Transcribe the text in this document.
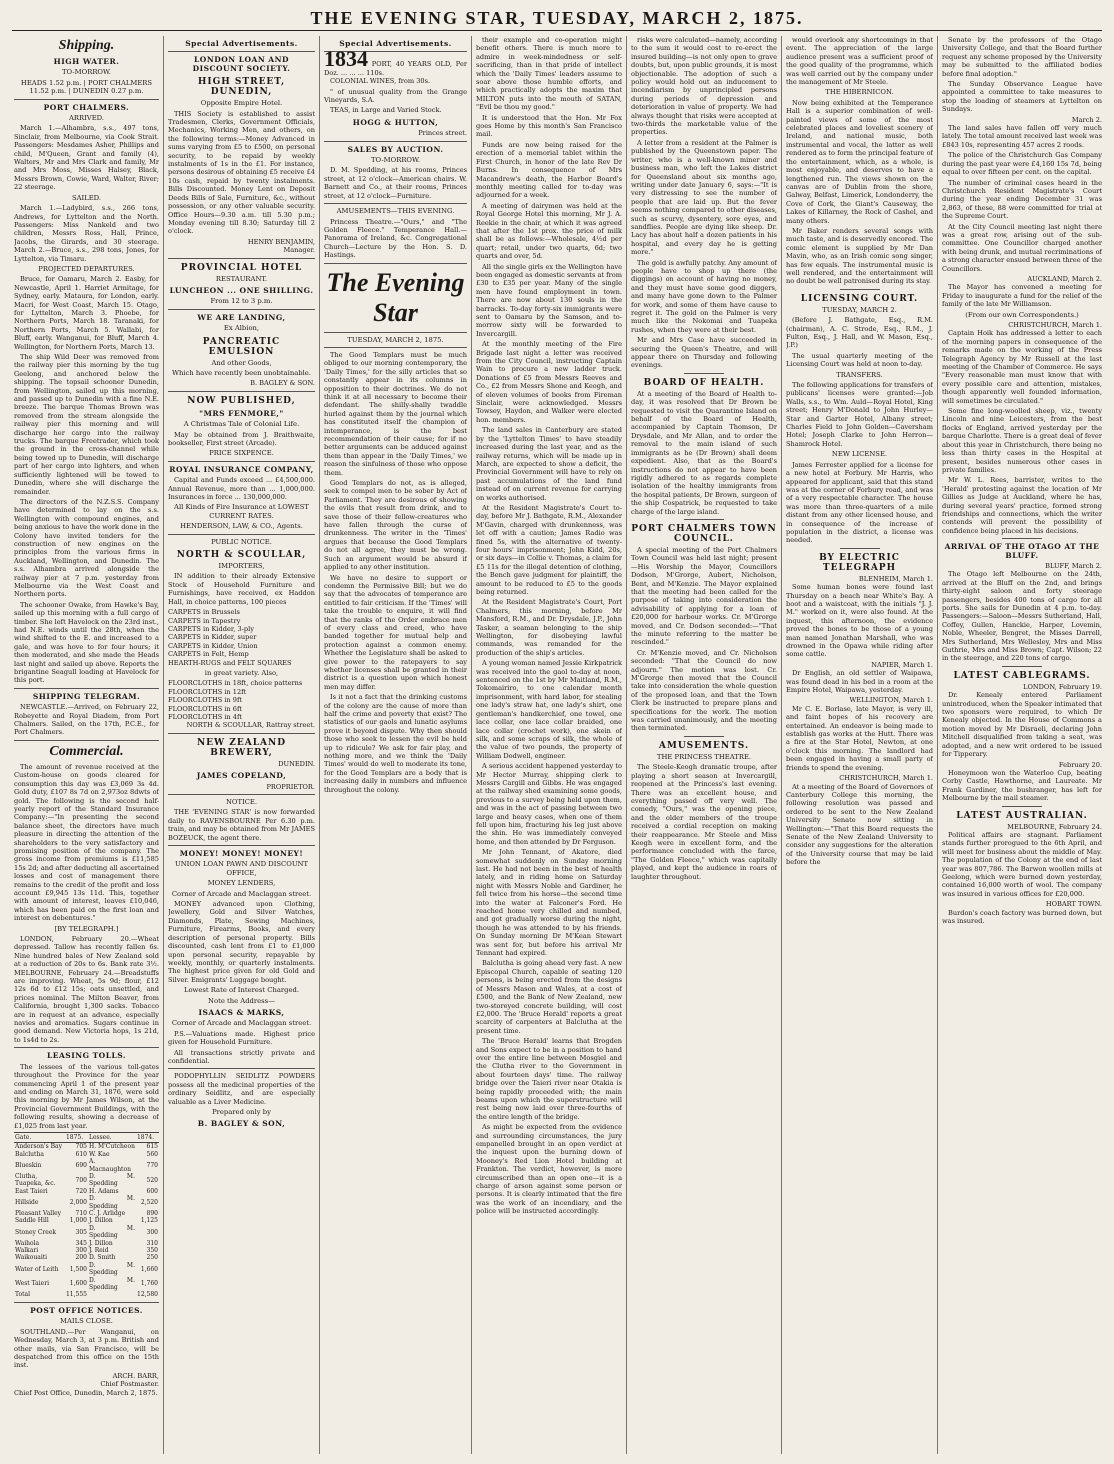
THE EVENING STAR, TUESDAY, MARCH 2, 1875.
Shipping.
HIGH WATER.
TO-MORROW.
HEADS 1.52 p.m. | PORT CHALMERS 11.52 p.m. | DUNEDIN 0.27 p.m.
PORT CHALMERS.
ARRIVED.

March 1.—Alhambra, s.s., 497 tons, Sinclair, from Melbourne, via Cook Strait. Passengers: Mesdames Asher, Phillips and child, M'Queen, Grant and family (4), Walters, Mr and Mrs Clark and family, Mr and Mrs Moss, Misses Halsey, Black, Messrs Brown, Cowie, Ward, Walter, River; 22 steerage.

SAILED.

March 1.—Ladybird, s.s., 266 tons, Andrews, for Lyttelton and the North. Passengers: Miss Nankeld and two children, Messrs Ross, Hall, Prince, Jacobs, the Girards, and 30 steerage. March 2.—Bruce, s.s., 298 tons, Jones, for Lyttelton, via Timaru.

PROJECTED DEPARTURES.

Bruce, for Oamaru, March 2. Easby, for Newcastle, April 1. Harriet Armitage, for Sydney, early. Mataura, for London, early. Macri, for West Coast, March 15. Otago, for Lyttelton, March 3. Phoebe, for Northern Ports, March 18. Taranaki, for Northern Ports, March 5. Wallabi, for Bluff, early. Wanganui, for Bluff, March 4. Wellington, for Northern Ports, March 13.

The ship Wild Deer was removed from the railway pier this morning by the tug Geelong, and anchored below the shipping. The topsail schooner Dunedin, from Wellington, sailed up this morning, and passed up to Dunedin with a fine N.E. breeze. The barque Thomas Brown was removed from the stream alongside the railway pier this morning and will discharge her cargo into the railway trucks. The barque Freetrader, which took the ground in the cross-channel while being towed up to Dunedin, will discharge part of her cargo into lighters, and when sufficiently lightened will be towed to Dunedin, where she will discharge the remainder.

The directors of the N.Z.S.S. Company have determined to lay on the s.s. Wellington with compound engines, and being anxious to have the work done in the Colony have invited tenders for the construction of new engines on the principles from the various firms in Auckland, Wellington, and Dunedin. The s.s. Alhambra arrived alongside the railway pier at 7 p.m. yesterday from Melbourne via the West Coast and Northern ports.

The schooner Owake, from Hawke's Bay, sailed up this morning with a full cargo of timber. She left Havelock on the 23rd inst., had N.E. winds until the 28th, when the wind shifted to the E. and increased to a gale, and was hove to for four hours; it then moderated, and she made the Heads last night and sailed up above. Reports the brigantine Seagull loading at Havelock for this port.

SHIPPING TELEGRAM.

NEWCASTLE.—Arrived, on February 22, Robeyette and Royal Diadem, from Port Chalmers. Sailed, on the 17th, P.C.E., for Port Chalmers.

Commercial.

The amount of revenue received at the Custom-house on goods cleared for consumption this day was £3,069 3s 4d. Gold duty, £107 8s 7d on 2,973oz 8dwts of gold. The following is the second half-yearly report of the Standard Insurance Company:—"In presenting the second balance sheet, the directors have much pleasure in directing the attention of the shareholders to the very satisfactory and promising position of the company. The gross income from premiums is £11,585 15s 2d; and after deducting all ascertained losses and cost of management there remains to the credit of the profit and loss account £9,945 13s 11d. This, together with amount of interest, leaves £10,046, which has been paid on the first loan and interest on debentures."

[BY TELEGRAPH.]

LONDON, February 20.—Wheat depressed. Tallow has recently fallen 6s. Nine hundred bales of New Zealand sold at a reduction of 20s to 6s. Bank rate 3½. MELBOURNE, February 24.—Breadstuffs are improving. Wheat, 5s 9d; flour, £12 12s 6d to £12 15s; oats unsettled, and prices nominal. The Milton Beaver, from California, brought 1,300 sacks. Tobacco are in request at an advance, especially navies and aromatics. Sugars continue in good demand. New Victoria hops, 1s 21d, to 1s4d to 2s.

LEASING TOLLS.

The lessees of the various toll-gates throughout the Province for the year commencing April 1 of the present year and ending on March 31, 1876, were sold this morning by Mr James Wilson, at the Provincial Government Buildings, with the following results, showing a decrease of £1,025 from last year.

Gate.	1875.	Lessee.	1874.
Anderson's Bay	705	H. M'Cutcheon	615
Balclutha	610	W. Kae	560
Blueskin	690	A. Macnaughton	770
Clutha, Tuapeka, &c.	700	D. M. Spedding	520
East Taieri	720	H. Adams	600
Hillside	2,000	D. M. Spedding	2,520
Pleasant Valley	710	C. J. Arlidge	890
Saddle Hill	1,000	J. Dillon	1,125
Stoney Creek	305	D. M. Spedding	300
Waihola	345	J. Dillon	310
Walkari	300	J. Reid	350
Waikouaiti	200	D. Smith	250
Water of Leith	1,500	D. M. Spedding	1,660
West Taieri	1,600	D. M. Spedding	1,760
Total	11,555		12,580
POST OFFICE NOTICES.
MAILS CLOSE.

SOUTHLAND.—Per Wanganui, on Wednesday, March 3, at 3 p.m. British and other mails, via San Francisco, will be despatched from this office on the 15th inst.

ARCH. BARR,
Chief Postmaster.
Chief Post Office, Dunedin, March 2, 1875.
Special Advertisements.
LONDON LOAN AND DISCOUNT SOCIETY.
HIGH STREET, DUNEDIN,
Opposite Empire Hotel.

THIS Society is established to assist Tradesmen, Clerks, Government Officials, Mechanics, Working Men, and others, on the following terms:—Money Advanced in sums varying from £5 to £500, on personal security, to be repaid by weekly instalments of 1s in the £1. For instance, persons desirous of obtaining £5 receive £4 10s cash, repaid by twenty instalments. Bills Discounted. Money Lent on Deposit Deeds Bills of Sale, Furniture, &c., without possession, or any other valuable security. Office Hours—9.30 a.m. till 5.30 p.m.; Monday evening till 8.30; Saturday till 2 o'clock.

HENRY BENJAMIN,
Manager.
PROVINCIAL HOTEL
RESTAURANT.
LUNCHEON ... ONE SHILLING.
From 12 to 3 p.m.
WE ARE LANDING,
Ex Albion,
PANCREATIC EMULSION
And other Goods,
Which have recently been unobtainable.
B. BAGLEY & SON.
NOW PUBLISHED,
"MRS FENMORE,"
A Christmas Tale of Colonial Life.

May be obtained from J. Braithwaite, bookseller, First street (Arcade).

PRICE SIXPENCE.
ROYAL INSURANCE COMPANY,

Capital and Funds exceed ... £4,500,000. Annual Revenue, more than ... 1,000,000. Insurances in force ... 130,000,000.

All Kinds of Fire Insurance at LOWEST CURRENT RATES.
HENDERSON, LAW, & CO., Agents.
PUBLIC NOTICE.
NORTH & SCOULLAR,
IMPORTERS,

IN addition to their already Extensive Stock of Household Furniture and Furnishings, have received, ex Haddon Hall, in choice patterns, 100 pieces

CARPETS in Brussels
CARPETS in Tapestry
CARPETS in Kidder, 3-ply
CARPETS in Kidder, super
CARPETS in Kidder, Union
CARPETS in Felt, Hemp
HEARTH-RUGS and FELT SQUARES
in great variety. Also,
FLOORCLOTHS in 18ft, choice patterns
FLOORCLOTHS in 12ft
FLOORCLOTHS in 9ft
FLOORCLOTHS in 6ft
FLOORCLOTHS in 4ft
NORTH & SCOULLAR, Rattray street.
NEW ZEALAND BREWERY,
DUNEDIN.
JAMES COPELAND,
PROPRIETOR.
NOTICE.

THE 'EVENING STAR' is now forwarded daily to RAVENSBOURNE Per 6.30 p.m. train, and may be obtained from Mr JAMES BOZEUCK, the agent there.

MONEY! MONEY! MONEY!
UNION LOAN PAWN AND DISCOUNT OFFICE,
MONEY LENDERS,
Corner of Arcade and Maclaggan street.

MONEY advanced upon Clothing, Jewellery, Gold and Silver Watches, Diamonds, Plate, Sewing Machines, Furniture, Firearms, Books, and every description of personal property. Bills discounted, cash lent from £1 to £1,000 upon personal security, repayable by weekly, monthly, or quarterly instalments. The highest price given for old Gold and Silver. Emigrants' Luggage bought.

Lowest Rate of Interest Charged.
Note the Address—
ISAACS & MARKS,
Corner of Arcade and Maclaggan street.

P.S.—Valuations made. Highest price given for Household Furniture.

All transactions strictly private and confidential.

PODOPHYLLIN SEIDLITZ POWDERS possess all the medicinal properties of the ordinary Seidlitz, and are especially valuable as a Liver Medicine.

Prepared only by
B. BAGLEY & SON,
Special Advertisements.
1834 PORT, 40 YEARS OLD, Per Doz. ... ... ... 110s.

COLONIAL WINES, from 30s.

" of unusual quality from the Grange Vineyards, S.A.

TEAS, in Large and Varied Stock.

HOGG & HUTTON,
Princes street.
SALES BY AUCTION.
TO-MORROW.

D. M. Spedding, at his rooms, Princes street, at 12 o'clock—American chairs. W. Barnett and Co., at their rooms, Princes street, at 12 o'clock—Furniture.

AMUSEMENTS—THIS EVENING.

Princess Theatre.—"Ours," and "The Golden Fleece." Temperance Hall.—Panorama of Ireland, &c. Congregational Church—Lecture by the Hon. S. D. Hastings.

The Evening Star
TUESDAY, MARCH 2, 1875.

The Good Templars must be much obliged to our morning contemporary, the 'Daily Times,' for the silly articles that so constantly appear in its columns in opposition to their doctrines. We do not think it at all necessary to become their defendant. The shilly-shally twaddle hurled against them by the journal which has constituted itself the champion of intemperance, is the best recommendation of their cause; for if no better arguments can be adduced against them than appear in the 'Daily Times,' we reason the sinfulness of those who oppose them.

Good Templars do not, as is alleged, seek to compel men to be sober by Act of Parliament. They are desirous of showing the evils that result from drink, and to save those of their fellow-creatures who have fallen through the curse of drunkenness. The writer in the 'Times' argues that because the Good Templars do not all agree, they must be wrong. Such an argument would be absurd if applied to any other institution.

We have no desire to support or condemn the Permissive Bill; but we do say that the advocates of temperance are entitled to fair criticism. If the 'Times' will take the trouble to enquire, it will find that the ranks of the Order embrace men of every class and creed, who have banded together for mutual help and protection against a common enemy. Whether the Legislature shall be asked to give power to the ratepayers to say whether licenses shall be granted in their district is a question upon which honest men may differ.

Is it not a fact that the drinking customs of the colony are the cause of more than half the crime and poverty that exist? The statistics of our gaols and lunatic asylums prove it beyond dispute. Why then should those who seek to lessen the evil be held up to ridicule? We ask for fair play, and nothing more, and we think the 'Daily Times' would do well to moderate its tone, for the Good Templars are a body that is increasing daily in numbers and influence throughout the colony.

their example and co-operation might benefit others. There is much more to admire in week-mindedness or self-sacrificing, than in that pride of intellect which the 'Daily Times' leaders assume to soar above those humble efforts, and which practically adopts the maxim that MILTON puts into the mouth of SATAN, "Evil be thou my good."

It is understood that the Hon. Mr Fox goes Home by this month's San Francisco mail.

Funds are now being raised for the erection of a memorial tablet within the First Church, in honor of the late Rev Dr Burns. In consequence of Mrs Macandrew's death, the Harbor Board's monthly meeting called for to-day was adjourned for a week.

A meeting of dairymen was held at the Royal George Hotel this morning, Mr J. A. Reekie in the chair, at which it was agreed that after the 1st prox. the price of milk shall be as follows:—Wholesale, 4½d per quart; retail, under two quarts, 6d; two quarts and over, 5d.

All the single girls ex the Wellington have been engaged as domestic servants at from £30 to £35 per year. Many of the single men have found employment in town. There are now about 130 souls in the barracks. To-day forty-six immigrants were sent to Oamaru by the Samson, and to-morrow sixty will be forwarded to Invercargill.

At the monthly meeting of the Fire Brigade last night a letter was received from the City Council, instructing Captain Wain to procure a new ladder truck. Donations of £5 from Messrs Reeves and Co., £2 from Messrs Shone and Keogh, and of eleven volumes of books from Fireman Sinclair, were acknowledged. Messrs Towsey, Haydon, and Walker were elected hon. members.

The land sales in Canterbury are stated by the 'Lyttelton Times' to have steadily increased during the last year, and as the railway returns, which will be made up in March, are expected to show a deficit, the Provincial Government will have to rely on past accumulations of the land fund instead of on current revenue for carrying on works authorised.

At the Resident Magistrate's Court to-day, before Mr J. Bathgate, R.M., Alexander M'Gavin, charged with drunkenness, was let off with a caution; James Radio was fined 5s, with the alternative of twenty-four hours' imprisonment; John Kidd, 20s, or six days—in Collie v. Thomas, a claim for £5 11s for the illegal detention of clothing, the Bench gave judgment for plaintiff, the amount to be reduced to £5 to the goods being returned.

At the Resident Magistrate's Court, Port Chalmers, this morning, before Mr Mansford, R.M., and Dr. Drysdale, J.P., John Tasker, a seaman belonging to the ship Wellington, for disobeying lawful commands, was remanded for the production of the ship's articles.

A young woman named Jessie Kirkpatrick was received into the gaol to-day at noon, sentenced on the 1st by Mr Maitland, R.M., Tokomairiro, to one calendar month imprisonment, with hard labor, for stealing one lady's straw hat, one lady's shirt, one gentleman's handkerchief, one towel, one lace collar, one lace collar braided, one lace collar (crochet work), one skein of silk, and some scraps of silk, the whole of the value of two pounds, the property of William Dodwell, engineer.

A serious accident happened yesterday to Mr Hector Murray, shipping clerk to Messrs Cargill and Gibbs. He was engaged at the railway shed examining some goods, previous to a survey being held upon them, and was in the act of passing between two large and heavy cases, when one of them fell upon him, fracturing his leg just above the shin. He was immediately conveyed home, and then attended by Dr Ferguson.

Mr John Tennant, of Akatore, died somewhat suddenly on Sunday morning last. He had not been in the best of health lately, and in riding home on Saturday night with Messrs Noble and Gardiner, he fell twice from his horse—the second time into the water at Falconer's Ford. He reached home very chilled and numbed, and got gradually worse during the night, though he was attended to by his friends. On Sunday morning Dr M'Kean Stewart was sent for, but before his arrival Mr Tennant had expired.

Balclutha is going ahead very fast. A new Episcopal Church, capable of seating 120 persons, is being erected from the designs of Messrs Mason and Wales, at a cost of £500, and the Bank of New Zealand, new two-storeyed concrete building, will cost £2,000. The 'Bruce Herald' reports a great scarcity of carpenters at Balclutha at the present time.

The 'Bruce Herald' learns that Brogden and Sons expect to be in a position to hand over the entire line between Mosgiel and the Clutha river to the Government in about fourteen days' time. The railway bridge over the Taieri river near Otakia is being rapidly proceeded with; the main beams upon which the superstructure will rest being now laid over three-fourths of the entire length of the bridge.

As might be expected from the evidence and surrounding circumstances, the jury empanelled brought in an open verdict at the inquest upon the burning down of Mooney's Red Lion Hotel building at Frankton. The verdict, however, is more circumscribed than an open one—it is a charge of arson against some person or persons. It is clearly intimated that the fire was the work of an incendiary, and the police will be instructed accordingly.

risks were calculated—namely, according to the sum it would cost to re-erect the insured building—is not only open to grave doubts, but, upon public grounds, it is most objectionable. The adoption of such a policy would hold out an inducement to incendiarism by unprincipled persons during periods of depression and deterioration in value of property. We had always thought that risks were accepted at two-thirds the marketable value of the properties.

A letter from a resident at the Palmer is published by the Queenstown paper. The writer, who is a well-known miner and business man, who left the Lakes district for Queensland about six months ago, writing under date January 6, says:—"It is very distressing to see the number of people that are laid up. But the fever seems nothing compared to other diseases, such as scurvy, dysentery, sore eyes, and sandflies. People are dying like sheep. Dr. Lacy has about half a dozen patients in his hospital, and every day he is getting more."

The gold is awfully patchy. Any amount of people have to shop up there (the diggings) on account of having no money, and they must have some good diggers, and many have gone down to the Palmer for work, and some of them have cause to regret it. The gold on the Palmer is very much like the Nokomai and Tuapeka rushes, when they were at their best.

Mr and Mrs Case have succeeded in securing the Queen's Theatre, and will appear there on Thursday and following evenings.

BOARD OF HEALTH.

At a meeting of the Board of Health to-day, it was resolved that Dr Brown be requested to visit the Quarantine Island on behalf of the Board of Health, accompanied by Captain Thomson, Dr Drysdale, and Mr Allan, and to order the removal to the main island of such immigrants as he (Dr Brown) shall deem expedient. Also, that as the Board's instructions do not appear to have been rigidly adhered to as regards complete isolation of the healthy immigrants from the hospital patients, Dr Brown, surgeon of the ship Cospatrick, be requested to take charge of the large island.

PORT CHALMERS TOWN COUNCIL.

A special meeting of the Port Chalmers Town Council was held last night; present—His Worship the Mayor, Councillors Dodson, M'Grorge, Aubert, Nicholson, Bent, and M'Kenzie. The Mayor explained that the meeting had been called for the purpose of taking into consideration the advisability of applying for a loan of £20,000 for harbour works. Cr. M'Grorge moved, and Cr. Dodson seconded:—"That the minute referring to the matter be rescinded."

Cr. M'Kenzie moved, and Cr. Nicholson seconded: "That the Council do now adjourn." The motion was lost. Cr. M'Grorge then moved that the Council take into consideration the whole question of the proposed loan, and that the Town Clerk be instructed to prepare plans and specifications for the work. The motion was carried unanimously, and the meeting then terminated.

AMUSEMENTS.
THE PRINCESS THEATRE.

The Steele-Keogh dramatic troupe, after playing a short season at Invercargill, reopened at the Princess's last evening. There was an excellent house, and everything passed off very well. The comedy, "Ours," was the opening piece, and the older members of the troupe received a cordial reception on making their reappearance. Mr Steele and Miss Keogh were in excellent form, and the performance concluded with the farce, "The Golden Fleece," which was capitally played, and kept the audience in roars of laughter throughout.

would overlook any shortcomings in that event. The appreciation of the large audience present was a sufficient proof of the good quality of the programme, which was well carried out by the company under the management of Mr Steele.

THE HIBERNICON.

Now being exhibited at the Temperance Hall is a superior combination of well-painted views of some of the most celebrated places and loveliest scenery of Ireland, and national music, both instrumental and vocal, the latter as well rendered as to form the principal feature of the entertainment, which, as a whole, is most enjoyable, and deserves to have a lengthened run. The views shown on the canvas are of Dublin from the shore, Galway, Belfast, Limerick, Londonderry, the Cove of Cork, the Giant's Causeway, the Lakes of Killarney, the Rock of Cashel, and many others.

Mr Baker renders several songs with much taste, and is deservedly encored. The comic element is supplied by Mr Dan Mavin, who, as an Irish comic song singer, has few equals. The instrumental music is well rendered, and the entertainment will no doubt be well patronised during its stay.

LICENSING COURT.
TUESDAY, MARCH 2.

(Before J. Bathgate, Esq., R.M. (chairman), A. C. Strode, Esq., R.M., J. Fulton, Esq., J. Hall, and W. Mason, Esq., J.P.)

The usual quarterly meeting of the Licensing Court was held at noon to-day.

TRANSFERS.

The following applications for transfers of publicans' licenses were granted:—Job Walls, s.s., to Wm. Auld—Royal Hotel, King street; Henry M'Donald to John Hurley—Star and Garter Hotel, Albany street; Charles Field to John Golden—Caversham Hotel; Joseph Clarke to John Herron—Shamrock Hotel.

NEW LICENSE.

James Ferrester applied for a license for a new hotel at Forbury. Mr Harris, who appeared for applicant, said that this stand was at the corner of Forbury road, and was of a very respectable character. The house was more than three-quarters of a mile distant from any other licensed house, and in consequence of the increase of population in the district, a license was needed.

BY ELECTRIC TELEGRAPH
BLENHEIM, March 1.

Some human bones were found last Thursday on a beach near White's Bay. A boot and a waistcoat, with the initials "J. J. M." worked on it, were also found. At the inquest, this afternoon, the evidence proved the bones to be those of a young man named Jonathan Marshall, who was drowned in the Opawa while riding after some cattle.

NAPIER, March 1.

Dr English, an old settler of Waipawa, was found dead in his bed in a room at the Empire Hotel, Waipawa, yesterday.

WELLINGTON, March 1.

Mr C. E. Borlase, late Mayor, is very ill, and faint hopes of his recovery are entertained. An endeavor is being made to establish gas works at the Hutt. There was a fire at the Star Hotel, Newton, at one o'clock this morning. The landlord had been engaged in having a small party of friends to spend the evening.

CHRISTCHURCH, March 1.

At a meeting of the Board of Governors of Canterbury College this morning, the following resolution was passed and ordered to be sent to the New Zealand University Senate now sitting in Wellington:—"That this Board requests the Senate of the New Zealand University to consider any suggestions for the alteration of the University course that may be laid before the

Senate by the professors of the Otago University College, and that the Board further request any scheme proposed by the University may be submitted to the affiliated bodies before final adoption."

The Sunday Observance League have appointed a committee to take measures to stop the loading of steamers at Lyttelton on Sundays.

March 2.

The land sales have fallen off very much lately. The total amount received last week was £843 10s, representing 457 acres 2 roods.

The police of the Christchurch Gas Company during the past year were £4,160 15s 7d, being equal to over fifteen per cent. on the capital.

The number of criminal cases heard in the Christchurch Resident Magistrate's Court during the year ending December 31 was 2,863, of these, 88 were committed for trial at the Supreme Court.

At the City Council meeting last night there was a great row, arising out of the sub-committee. One Councillor charged another with being drunk, and mutual recriminations of a strong character ensued between three of the Councillors.

AUCKLAND, March 2.

The Mayor has convened a meeting for Friday to inaugurate a fund for the relief of the family of the late Mr Williamson.

(From our own Correspondents.)
CHRISTCHURCH, March 1.

Captain Hoik has addressed a letter to each of the morning papers in consequence of the remarks made on the working of the Press Telegraph Agency by Mr Russell at the last meeting of the Chamber of Commerce. He says "Every reasonable man must know that with every possible care and attention, mistakes, though apparently well founded information, will sometimes be circulated."

Some fine long-woolled sheep, viz., twenty Lincoln and nine Leicesters, from the best flocks of England, arrived yesterday per the barque Charlotte. There is a great deal of fever about this year in Christchurch, there being no less than thirty cases in the Hospital at present, besides numerous other cases in private families.

Mr W. L. Rees, barrister, writes to the 'Herald' protesting against the location of Mr Gillies as Judge at Auckland, where he has, during several years' practice, formed strong friendships and connections, which the writer contends will prevent the possibility of confidence being placed in his decisions.

ARRIVAL OF THE OTAGO AT THE BLUFF.
BLUFF, March 2.

The Otago left Melbourne on the 24th, arrived at the Bluff on the 2nd, and brings thirty-eight saloon and forty steerage passengers, besides 400 tons of cargo for all ports. She sails for Dunedin at 4 p.m. to-day. Passengers:—Saloon—Messrs Sutherland, Hall, Coffey, Gullen, Hanckie, Harper, Lovemin, Noble, Wheeler, Bengret, the Misses Darrell, Mrs Sutherland, Mrs Wellesley, Mrs and Miss Guthrie, Mrs and Miss Brown; Capt. Wilson; 22 in the steerage, and 220 tons of cargo.

LATEST CABLEGRAMS.
LONDON, February 19.

Dr. Kenealy entered Parliament unintroduced, when the Speaker intimated that two sponsors were required, to which Dr Kenealy objected. In the House of Commons a motion moved by Mr Disraeli, declaring John Mitchell disqualified from taking a seat, was adopted, and a new writ ordered to be issued for Tipperary.

February 20.

Honeymoon won the Waterloo Cup, beating Corby Castle, Hawthorne, and Laureate. Mr Frank Gardiner, the bushranger, has left for Melbourne by the mail steamer.

LATEST AUSTRALIAN.
MELBOURNE, February 24.

Political affairs are stagnant. Parliament stands further prorogued to the 6th April, and will meet for business about the middle of May. The population of the Colony at the end of last year was 807,786. The Barwon woollen mills at Geelong, which were burned down yesterday, contained 16,000 worth of wool. The company was insured in various offices for £20,000.

HOBART TOWN.

Burdon's coach factory was burned down, but was insured.
